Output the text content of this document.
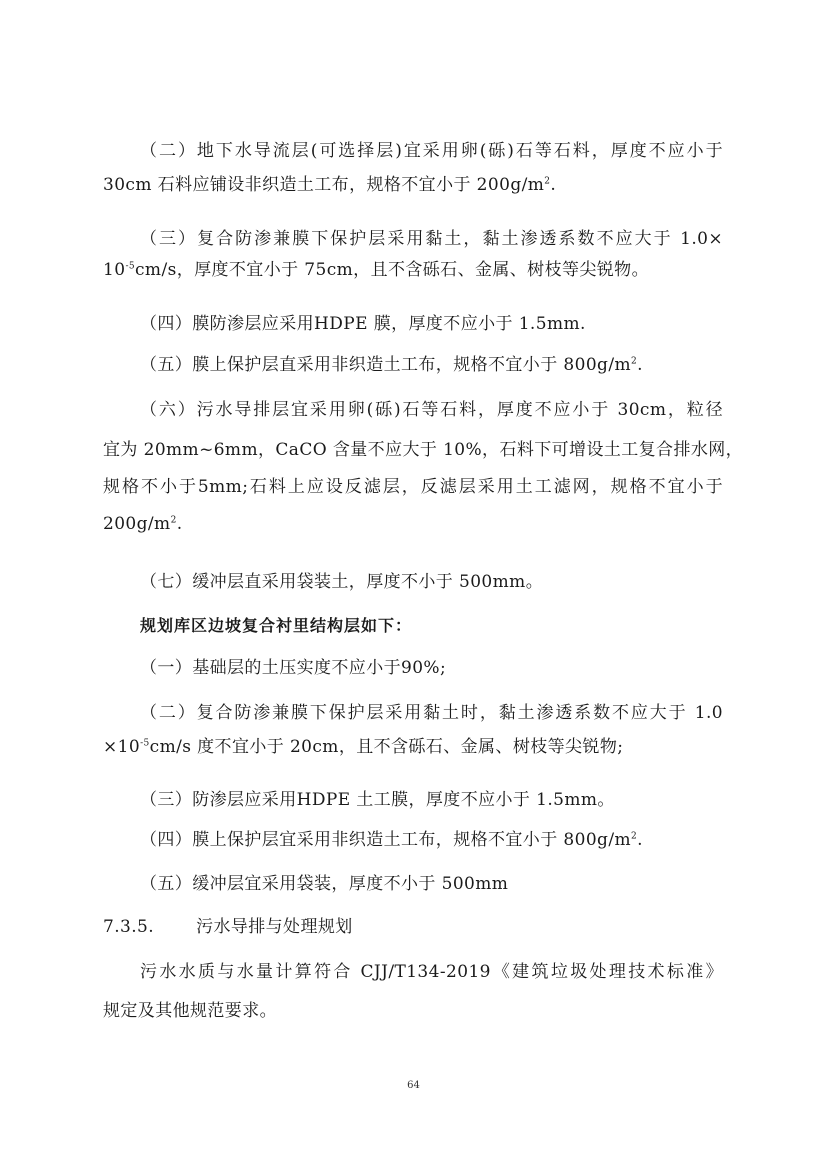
（二）地下水导流层(可选择层)宜采用卵(砾)石等石料，厚度不应小于
30cm 石料应铺设非织造土工布，规格不宜小于 $200g/m^2$.
（三）复合防渗兼膜下保护层采用黏土，黏土渗透系数不应大于 1.0×
$10^{-5}cm/s$，厚度不宜小于 75cm，且不含砾石、金属、树枝等尖锐物。
（四）膜防渗层应采用HDPE 膜，厚度不应小于 1.5mm.
（五）膜上保护层直采用非织造土工布，规格不宜小于 $800g/m^2$.
（六）污水导排层宜采用卵(砾)石等石料，厚度不应小于 30cm，粒径
宜为 20mm~6mm，CaCO 含量不应大于 10%，石料下可增设土工复合排水网，
规格不小于5mm;石料上应设反滤层，反滤层采用土工滤网，规格不宜小于
$200g/m^2$.
（七）缓冲层直采用袋装土，厚度不小于 500mm。
规划库区边坡复合衬里结构层如下：
（一）基础层的土压实度不应小于90%;
（二）复合防渗兼膜下保护层采用黏土时，黏土渗透系数不应大于 1.0
$\times 10^{-5}cm/s$ 度不宜小于 20cm，且不含砾石、金属、树枝等尖锐物;
（三）防渗层应采用HDPE 土工膜，厚度不应小于 1.5mm。
（四）膜上保护层宜采用非织造土工布，规格不宜小于 $800g/m^2$.
（五）缓冲层宜采用袋装，厚度不小于 500mm
7.3.5. 污水导排与处理规划
污水水质与水量计算符合 CJJ/T134-2019《建筑垃圾处理技术标准》
规定及其他规范要求。
64
